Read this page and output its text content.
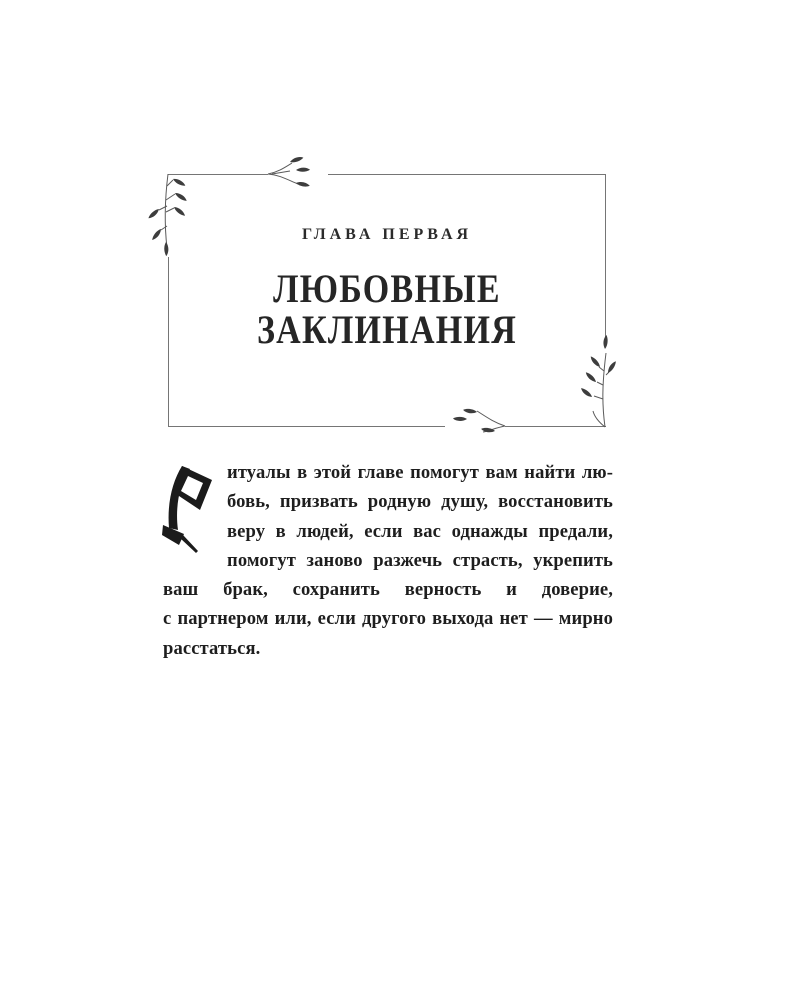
ГЛАВА ПЕРВАЯ
ЛЮБОВНЫЕ
ЗАКЛИНАНИЯ
итуалы в этой главе помогут вам найти лю-
бовь, призвать родную душу, восстановить
веру в людей, если вас однажды предали,
помогут заново разжечь страсть, укрепить
ваш брак, сохранить верность и доверие,
с партнером или, если другого выхода нет — мирно
расстаться.
